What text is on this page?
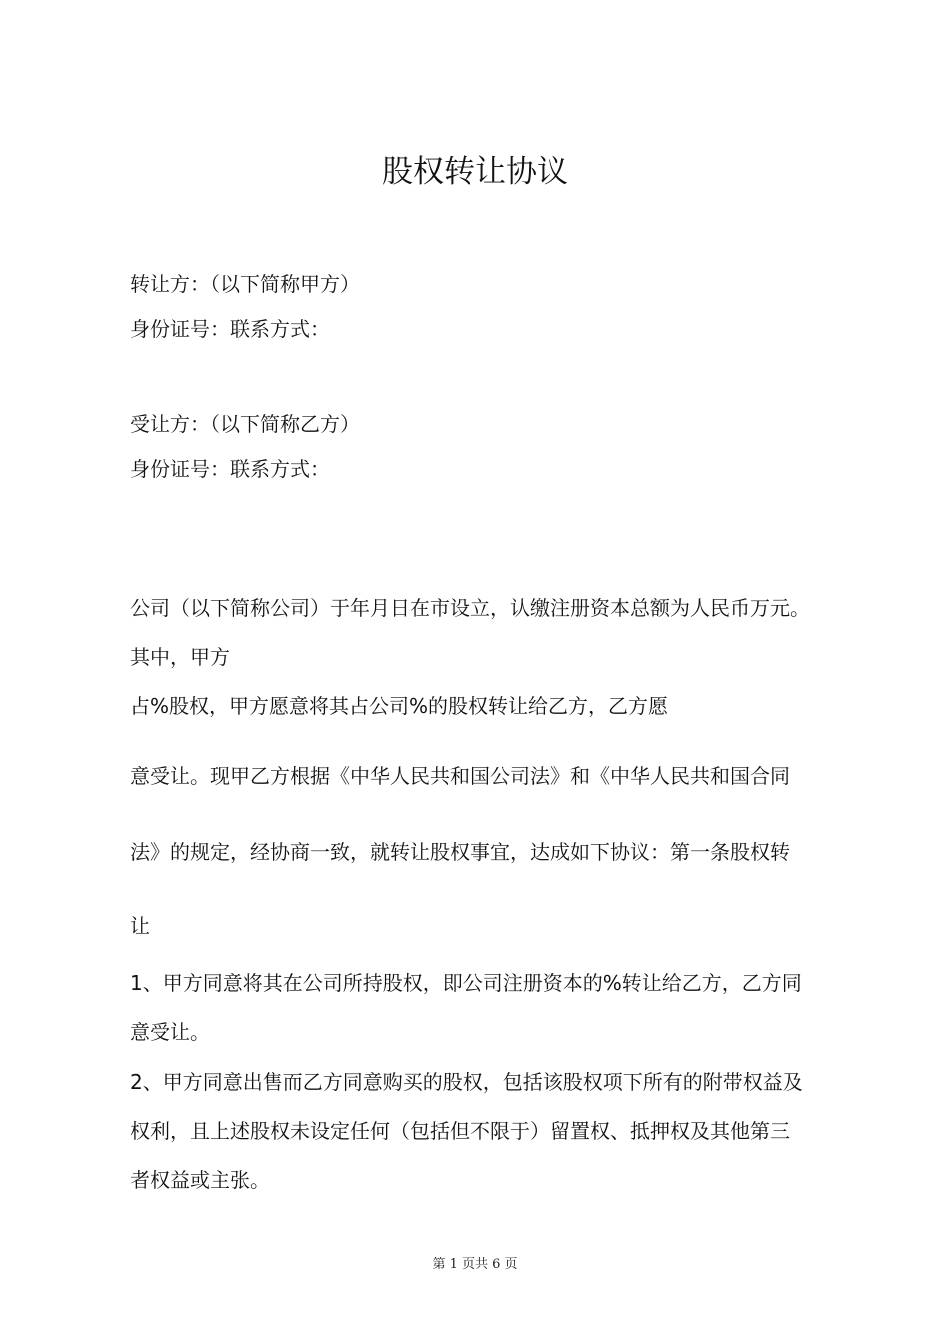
股权转让协议

转让方：（以下简称甲方）

身份证号：联系方式：

受让方：（以下简称乙方）

身份证号：联系方式：

公司（以下简称公司）于年月日在市设立，认缴注册资本总额为人民币万元。

其中，甲方

占%股权，甲方愿意将其占公司%的股权转让给乙方，乙方愿

意受让。现甲乙方根据《中华人民共和国公司法》和《中华人民共和国合同

法》的规定，经协商一致，就转让股权事宜，达成如下协议：第一条股权转

让

1、甲方同意将其在公司所持股权，即公司注册资本的%转让给乙方，乙方同

意受让。

2、甲方同意出售而乙方同意购买的股权，包括该股权项下所有的附带权益及

权利，且上述股权未设定任何（包括但不限于）留置权、抵押权及其他第三

者权益或主张。

第 1 页共 6 页
